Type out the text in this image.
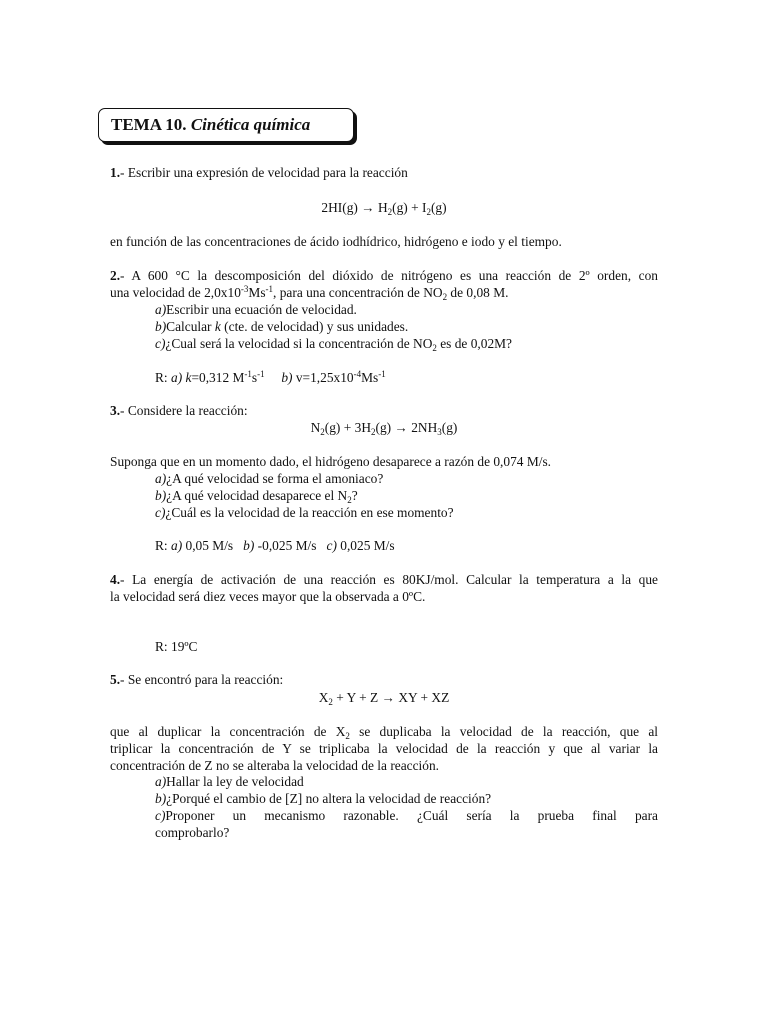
TEMA 10. Cinética química
1.- Escribir una expresión de velocidad para la reacción
$2HI(g) \to H_2(g) + I_2(g)$
en función de las concentraciones de ácido iodhídrico, hidrógeno e iodo y el tiempo.
2.- A 600 °C la descomposición del dióxido de nitrógeno es una reacción de 2º orden, con
una velocidad de $2,0x10^{-3}Ms^{-1}$, para una concentración de $NO_2$ de 0,08 M.
a)Escribir una ecuación de velocidad.
b)Calcular k (cte. de velocidad) y sus unidades.
c)¿Cual será la velocidad si la concentración de $NO_2$ es de 0,02M?
R: a) k=0,312 $M^{-1}s^{-1}$ b) $v=1,25x10^{-4}Ms^{-1}$
3.- Considere la reacción:
$N_2(g) + 3H_2(g) \to 2NH_3(g)$
Suponga que en un momento dado, el hidrógeno desaparece a razón de 0,074 M/s.
a)¿A qué velocidad se forma el amoniaco?
b)¿A qué velocidad desaparece el $N_2$?
c)¿Cuál es la velocidad de la reacción en ese momento?
R: a) 0,05 M/s   b) -0,025 M/s   c) 0,025 M/s
4.- La energía de activación de una reacción es 80KJ/mol. Calcular la temperatura a la que
la velocidad será diez veces mayor que la observada a 0ºC.
R: 19ºC
5.- Se encontró para la reacción:
$X_2 + Y + Z$ → XY + XZ
que al duplicar la concentración de $X_2$ se duplicaba la velocidad de la reacción, que al
triplicar la concentración de Y se triplicaba la velocidad de la reacción y que al variar la
concentración de Z no se alteraba la velocidad de la reacción.
a)Hallar la ley de velocidad
b)¿Porqué el cambio de [Z] no altera la velocidad de reacción?
c)Proponer un mecanismo razonable. ¿Cuál sería la prueba final para
comprobarlo?
